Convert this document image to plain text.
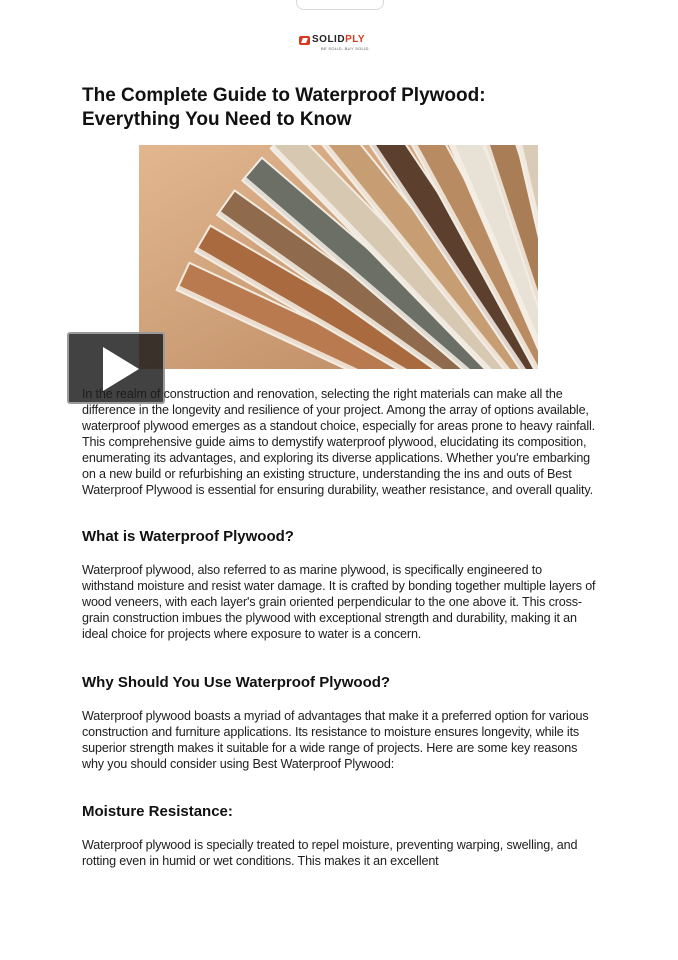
SOLIDPLY
BE SOLID. BUY SOLID.
The Complete Guide to Waterproof Plywood: Everything You Need to Know

In the realm of construction and renovation, selecting the right materials can make all the difference in the longevity and resilience of your project. Among the array of options available, waterproof plywood emerges as a standout choice, especially for areas prone to heavy rainfall. This comprehensive guide aims to demystify waterproof plywood, elucidating its composition, enumerating its advantages, and exploring its diverse applications. Whether you're embarking on a new build or refurbishing an existing structure, understanding the ins and outs of Best Waterproof Plywood is essential for ensuring durability, weather resistance, and overall quality.

What is Waterproof Plywood?

Waterproof plywood, also referred to as marine plywood, is specifically engineered to withstand moisture and resist water damage. It is crafted by bonding together multiple layers of wood veneers, with each layer's grain oriented perpendicular to the one above it. This cross-grain construction imbues the plywood with exceptional strength and durability, making it an ideal choice for projects where exposure to water is a concern.

Why Should You Use Waterproof Plywood?

Waterproof plywood boasts a myriad of advantages that make it a preferred option for various construction and furniture applications. Its resistance to moisture ensures longevity, while its superior strength makes it suitable for a wide range of projects. Here are some key reasons why you should consider using Best Waterproof Plywood:

Moisture Resistance:

Waterproof plywood is specially treated to repel moisture, preventing warping, swelling, and rotting even in humid or wet conditions. This makes it an excellent
